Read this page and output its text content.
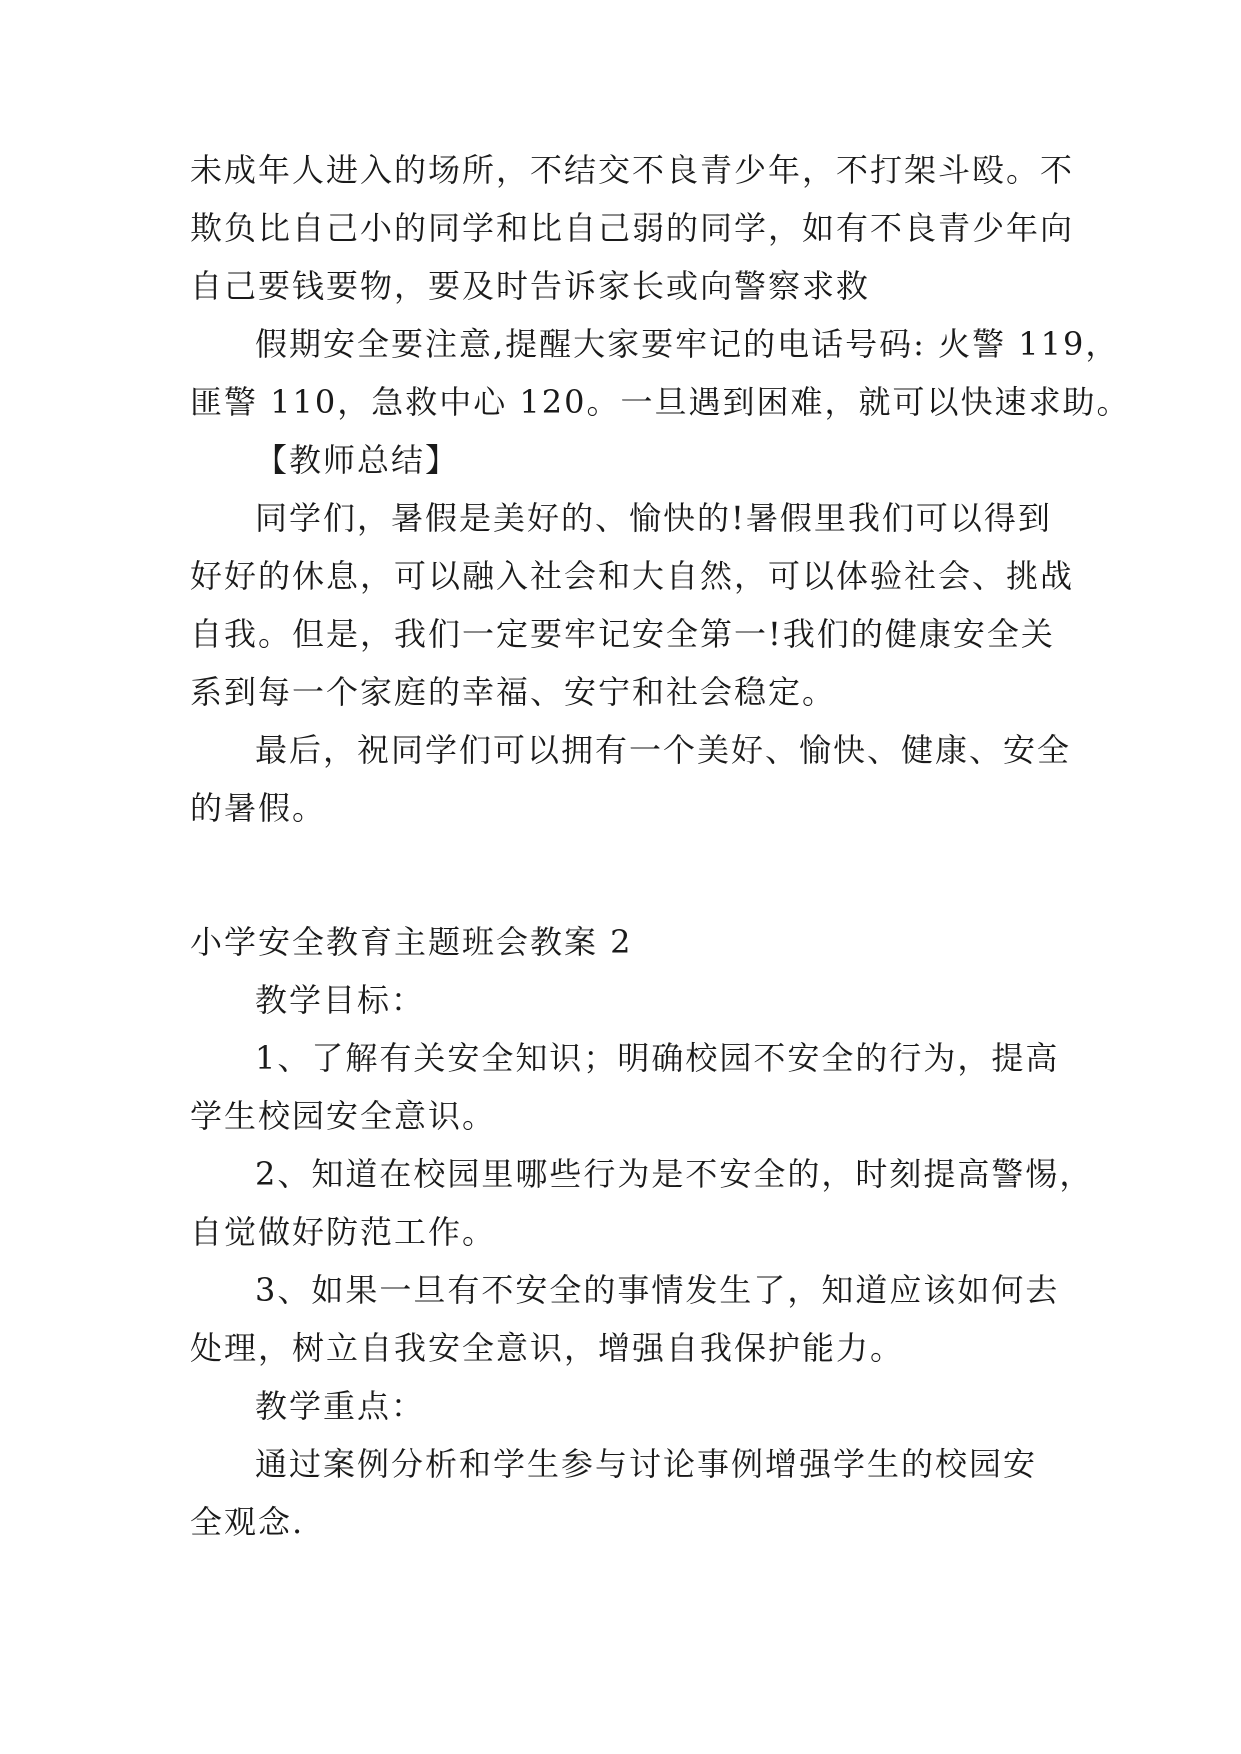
未成年人进入的场所，不结交不良青少年，不打架斗殴。不
欺负比自己小的同学和比自己弱的同学，如有不良青少年向
自己要钱要物，要及时告诉家长或向警察求救
假期安全要注意,提醒大家要牢记的电话号码: 火警 119，
匪警 110，急救中心 120。一旦遇到困难，就可以快速求助。
【教师总结】
同学们，暑假是美好的、愉快的!暑假里我们可以得到
好好的休息，可以融入社会和大自然，可以体验社会、挑战
自我。但是，我们一定要牢记安全第一!我们的健康安全关
系到每一个家庭的幸福、安宁和社会稳定。
最后，祝同学们可以拥有一个美好、愉快、健康、安全
的暑假。
小学安全教育主题班会教案 2
教学目标：
1、了解有关安全知识；明确校园不安全的行为，提高
学生校园安全意识。
2、知道在校园里哪些行为是不安全的，时刻提高警惕，
自觉做好防范工作。
3、如果一旦有不安全的事情发生了，知道应该如何去
处理，树立自我安全意识，增强自我保护能力。
教学重点：
通过案例分析和学生参与讨论事例增强学生的校园安
全观念.
